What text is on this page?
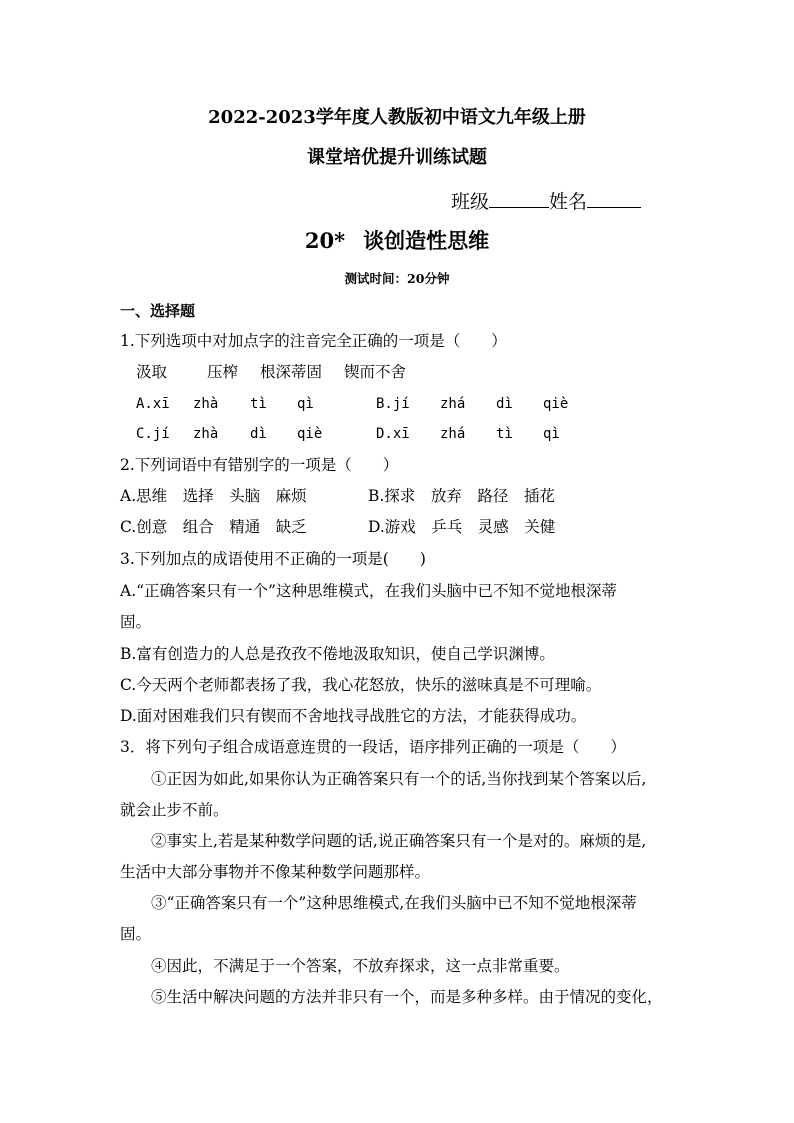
2022-2023学年度人教版初中语文九年级上册
课堂培优提升训练试题
班级	姓名
20* 谈创造性思维
测试时间：20分钟
一、选择题
1.下列选项中对加点字的注音完全正确的一项是（　　）
汲取	压榨 根深蒂固 锲而不舍
A.xī zhà tì qì	B.jí zhá dì qiè
C.jí zhà dì qiè	D.xī zhá tì qì
2.下列词语中有错别字的一项是（　　）
A.思维　选择　头脑　麻烦	B.探求　放弃　路径　插花
C.创意　组合　精通　缺乏	D.游戏　乒乓　灵感　关健
3.下列加点的成语使用不正确的一项是(　　)
A.“正确答案只有一个”这种思维模式，在我们头脑中已不知不觉地根深蒂
固。
B.富有创造力的人总是孜孜不倦地汲取知识，使自己学识渊博。
C.今天两个老师都表扬了我，我心花怒放，快乐的滋味真是不可理喻。
D.面对困难我们只有锲而不舍地找寻战胜它的方法，才能获得成功。
3．将下列句子组合成语意连贯的一段话，语序排列正确的一项是（　　）
①正因为如此,如果你认为正确答案只有一个的话,当你找到某个答案以后,
就会止步不前。
②事实上,若是某种数学问题的话,说正确答案只有一个是对的。麻烦的是,
生活中大部分事物并不像某种数学问题那样。
③“正确答案只有一个”这种思维模式,在我们头脑中已不知不觉地根深蒂
固。
④因此，不满足于一个答案，不放弃探求，这一点非常重要。
⑤生活中解决问题的方法并非只有一个，而是多种多样。由于情况的变化，
